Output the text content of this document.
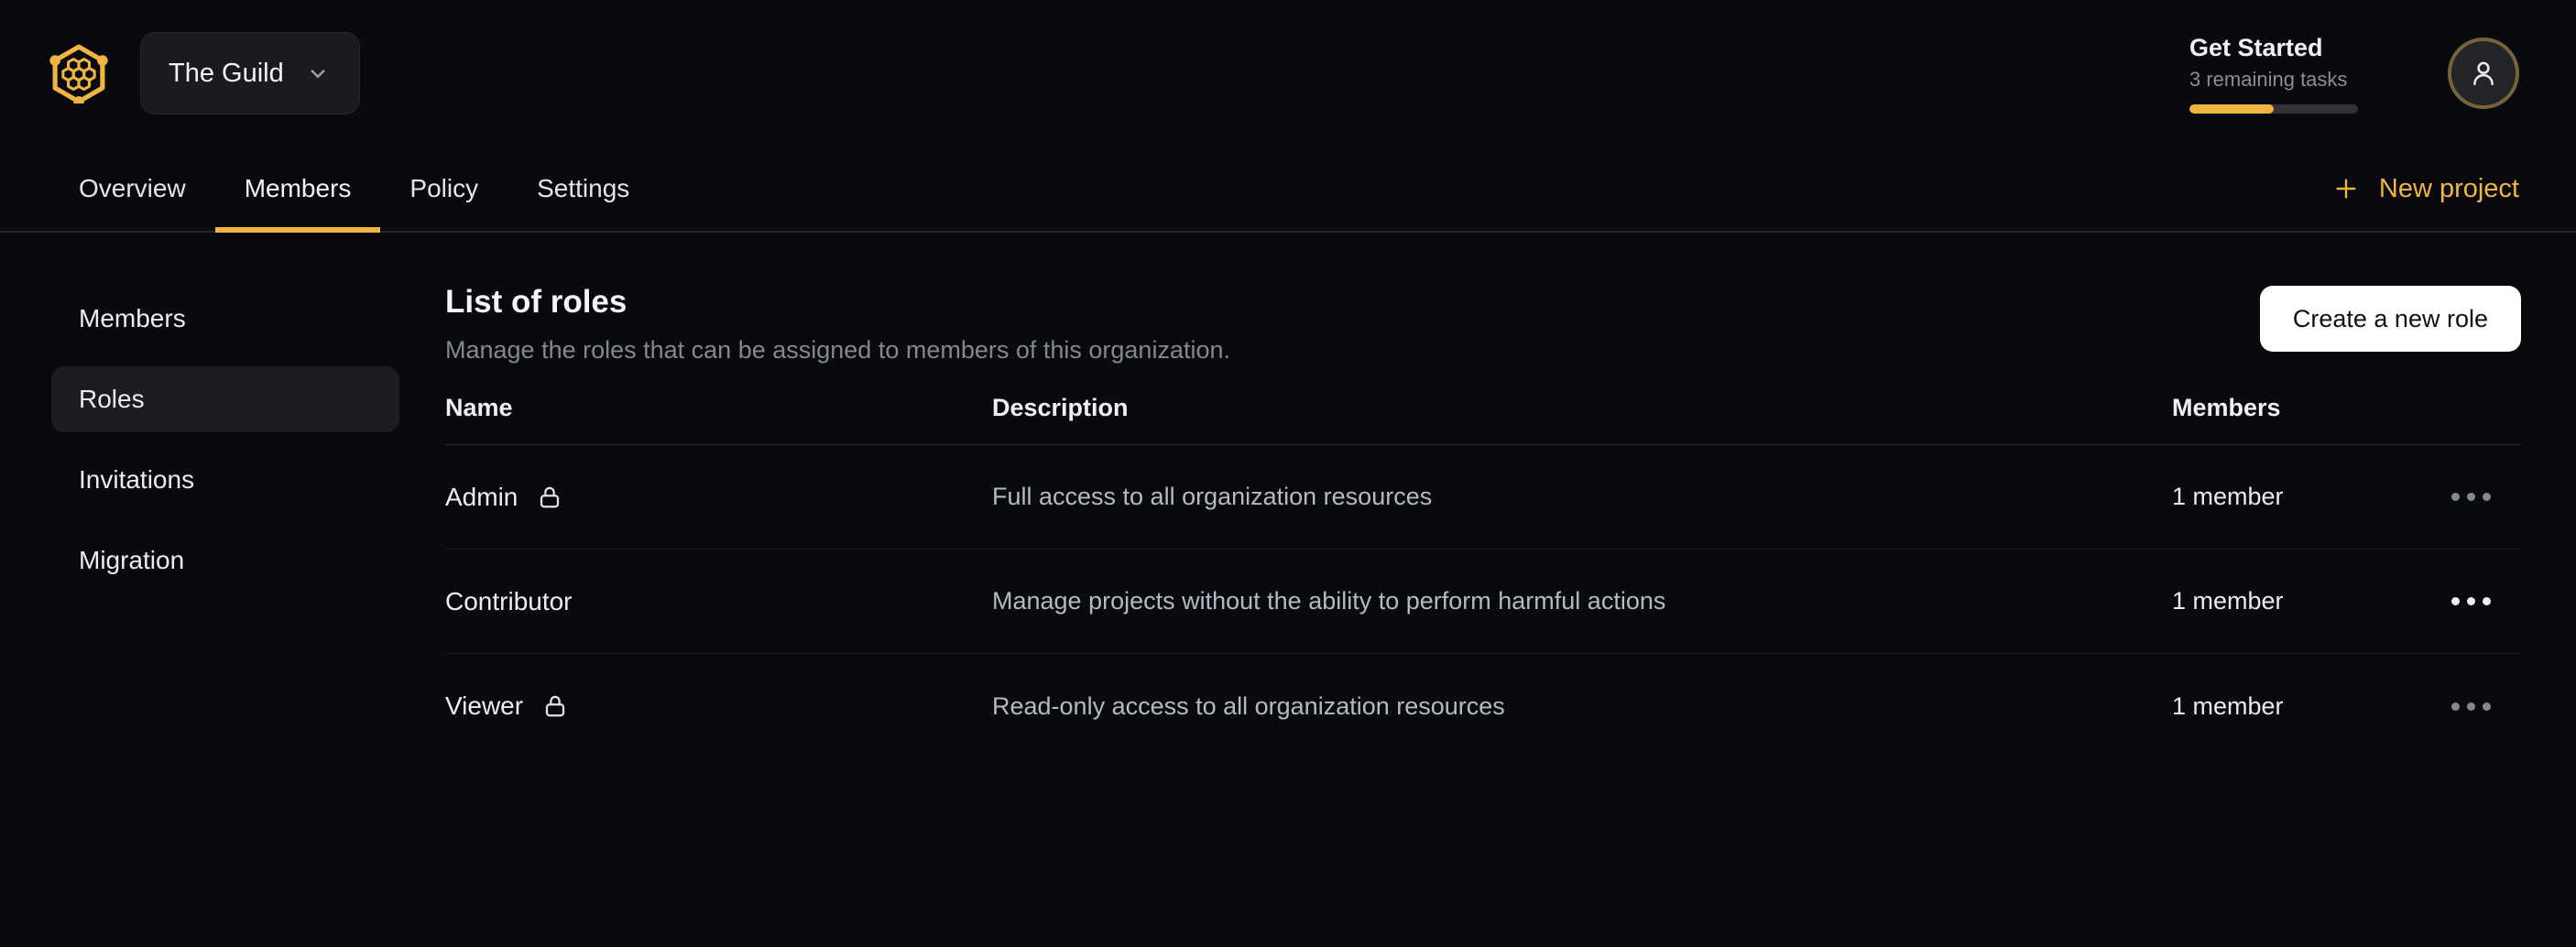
The Guild
Get Started
3 remaining tasks
Overview Members Policy Settings	New project
Members
Roles
Invitations
Migration
List of roles
Manage the roles that can be assigned to members of this organization.
Create a new role
Name	Description	Members
Admin	Full access to all organization resources	1 member
Contributor	Manage projects without the ability to perform harmful actions	1 member
Viewer	Read-only access to all organization resources	1 member
